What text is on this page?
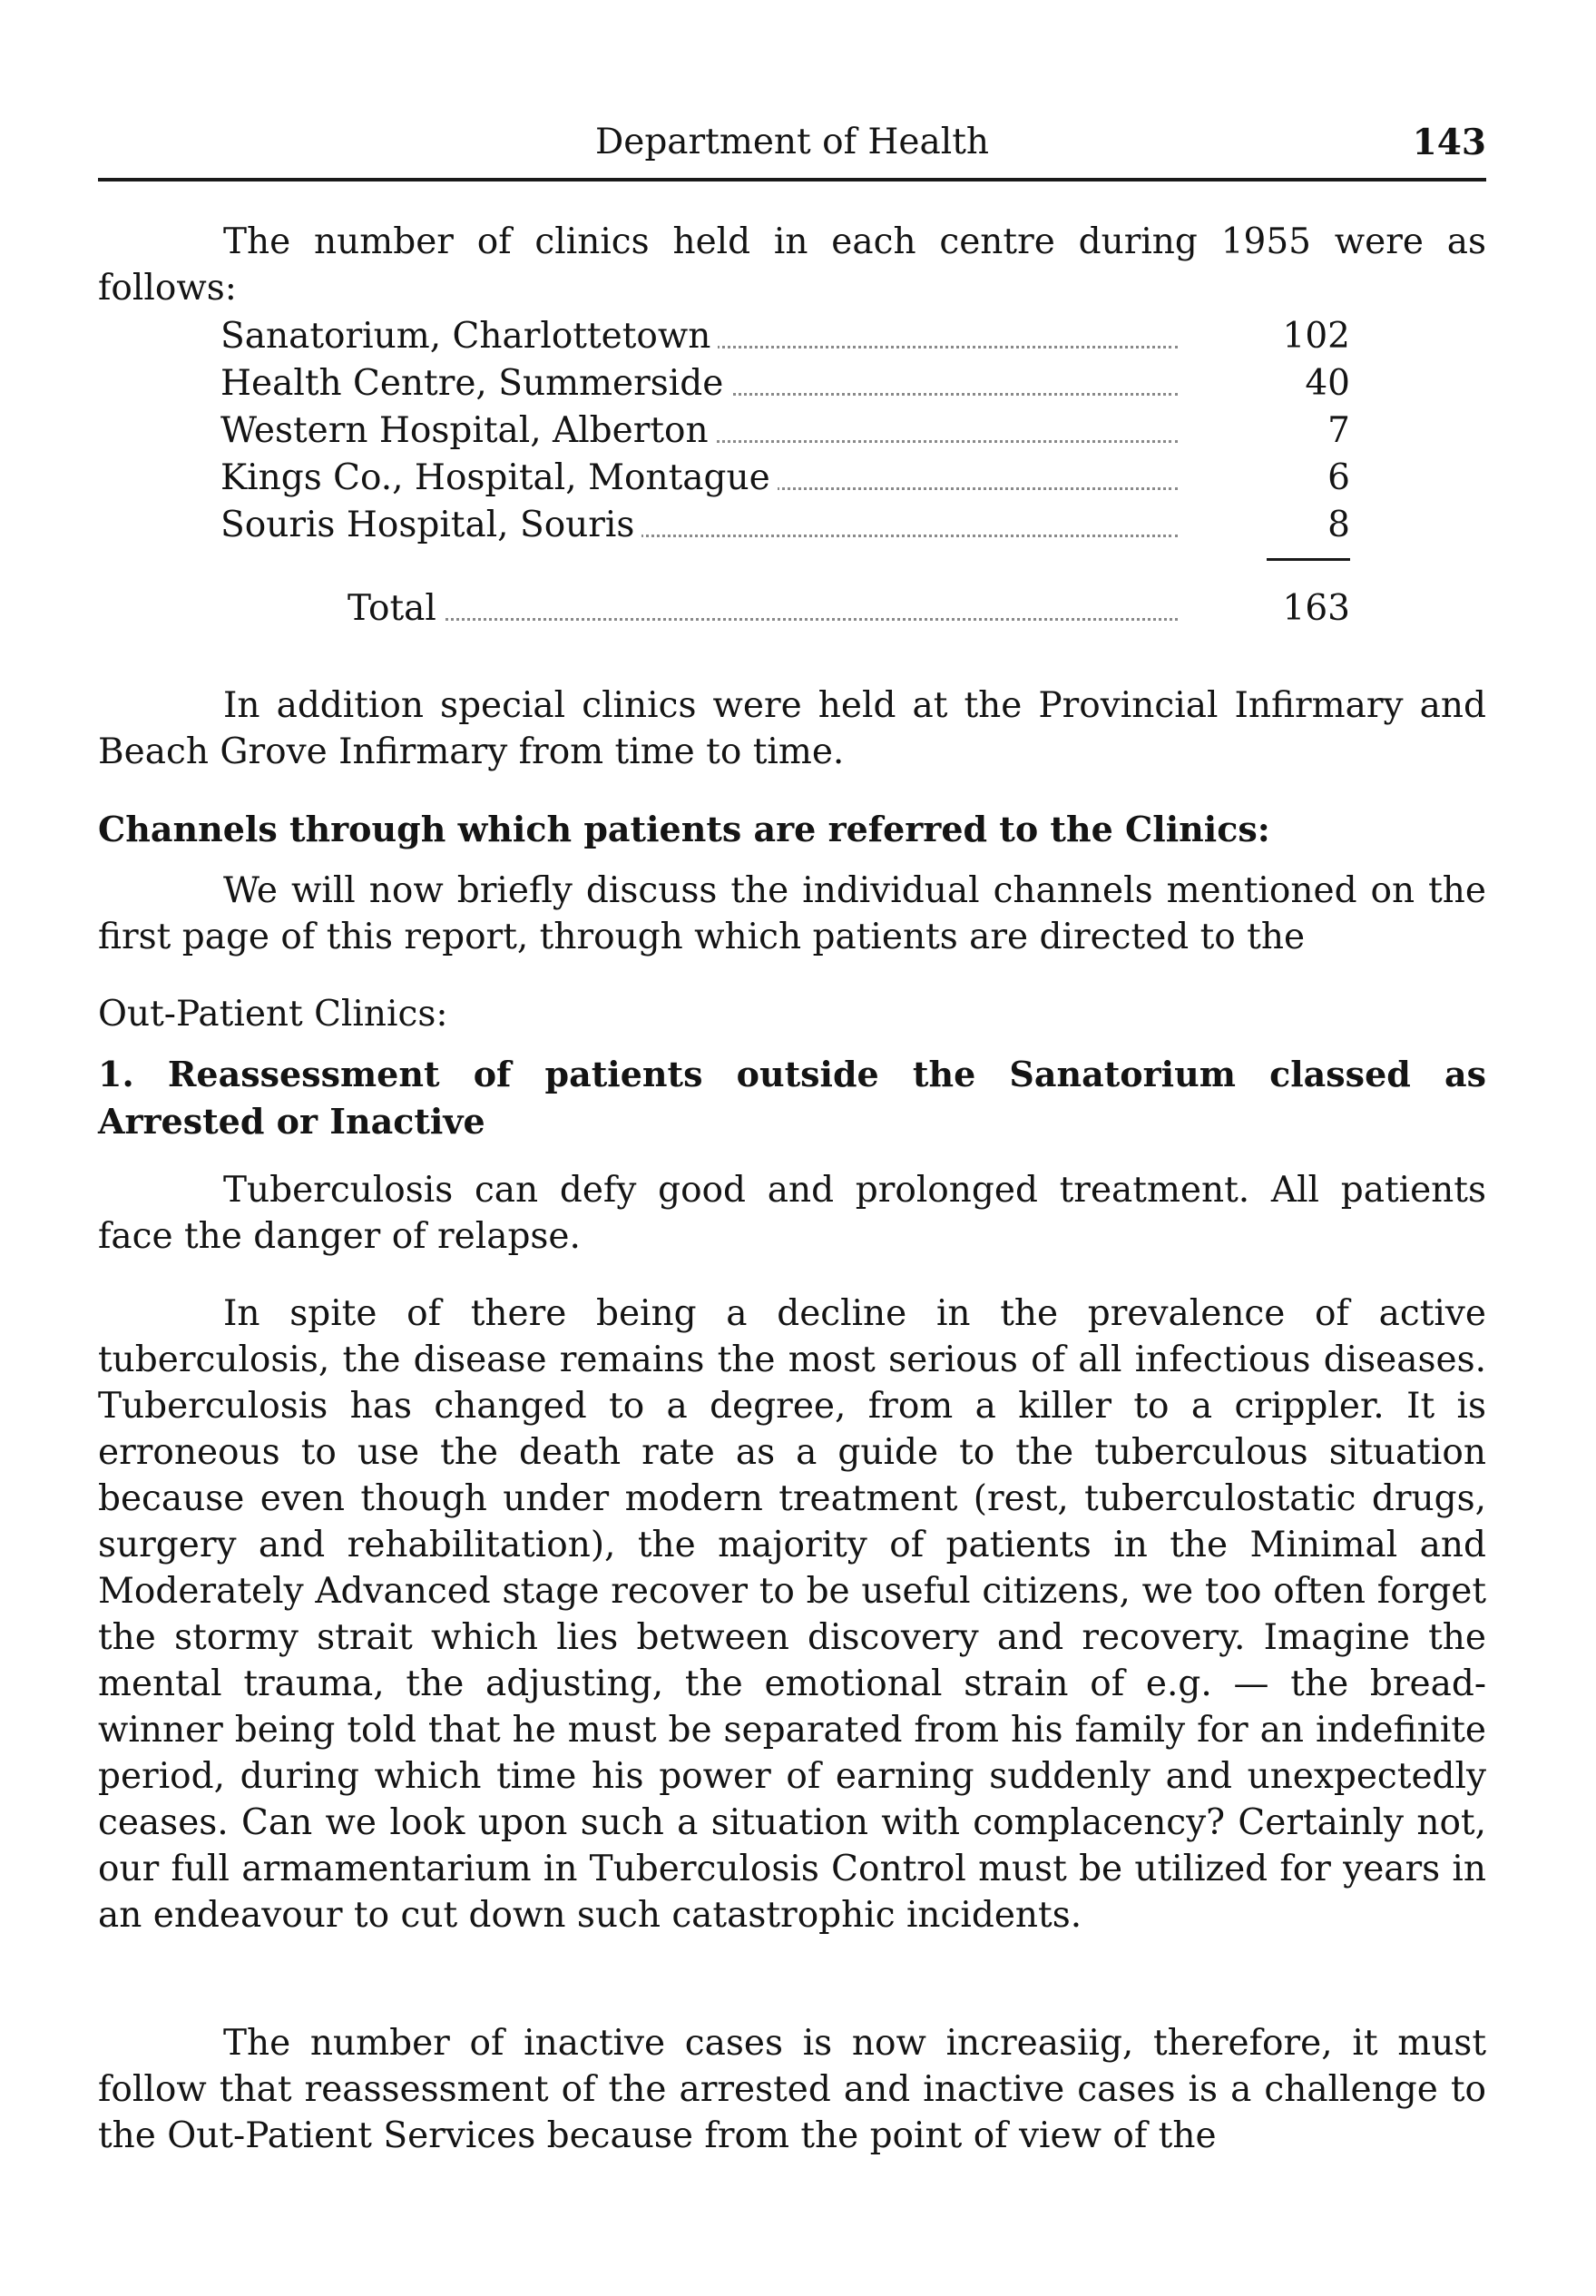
Department of Health	143
The number of clinics held in each centre during 1955 were as follows:
Sanatorium, Charlottetown	102
Health Centre, Summerside	40
Western Hospital, Alberton	7
Kings Co., Hospital, Montague	6
Souris Hospital, Souris	8
Total	163
In addition special clinics were held at the Provincial Infirmary and Beach Grove Infirmary from time to time.
Channels through which patients are referred to the Clinics:
We will now briefly discuss the individual channels mentioned on the first page of this report, through which patients are directed to the
Out-Patient Clinics:
1. Reassessment of patients outside the Sanatorium classed as Arrested or Inactive
Tuberculosis can defy good and prolonged treatment. All patients face the danger of relapse.
In spite of there being a decline in the prevalence of active tuberculosis, the disease remains the most serious of all infectious diseases. Tuberculosis has changed to a degree, from a killer to a crippler. It is erroneous to use the death rate as a guide to the tuberculous situation because even though under modern treatment (rest, tuberculostatic drugs, surgery and rehabilitation), the majority of patients in the Minimal and Moderately Advanced stage recover to be useful citizens, we too often forget the stormy strait which lies between discovery and recovery. Imagine the mental trauma, the adjusting, the emotional strain of e.g. — the bread-winner being told that he must be separated from his family for an indefinite period, during which time his power of earning suddenly and unexpectedly ceases. Can we look upon such a situation with complacency? Certainly not, our full armamentarium in Tuberculosis Control must be utilized for years in an endeavour to cut down such catastrophic incidents.
The number of inactive cases is now increasiig, therefore, it must follow that reassessment of the arrested and inactive cases is a challenge to the Out-Patient Services because from the point of view of the
